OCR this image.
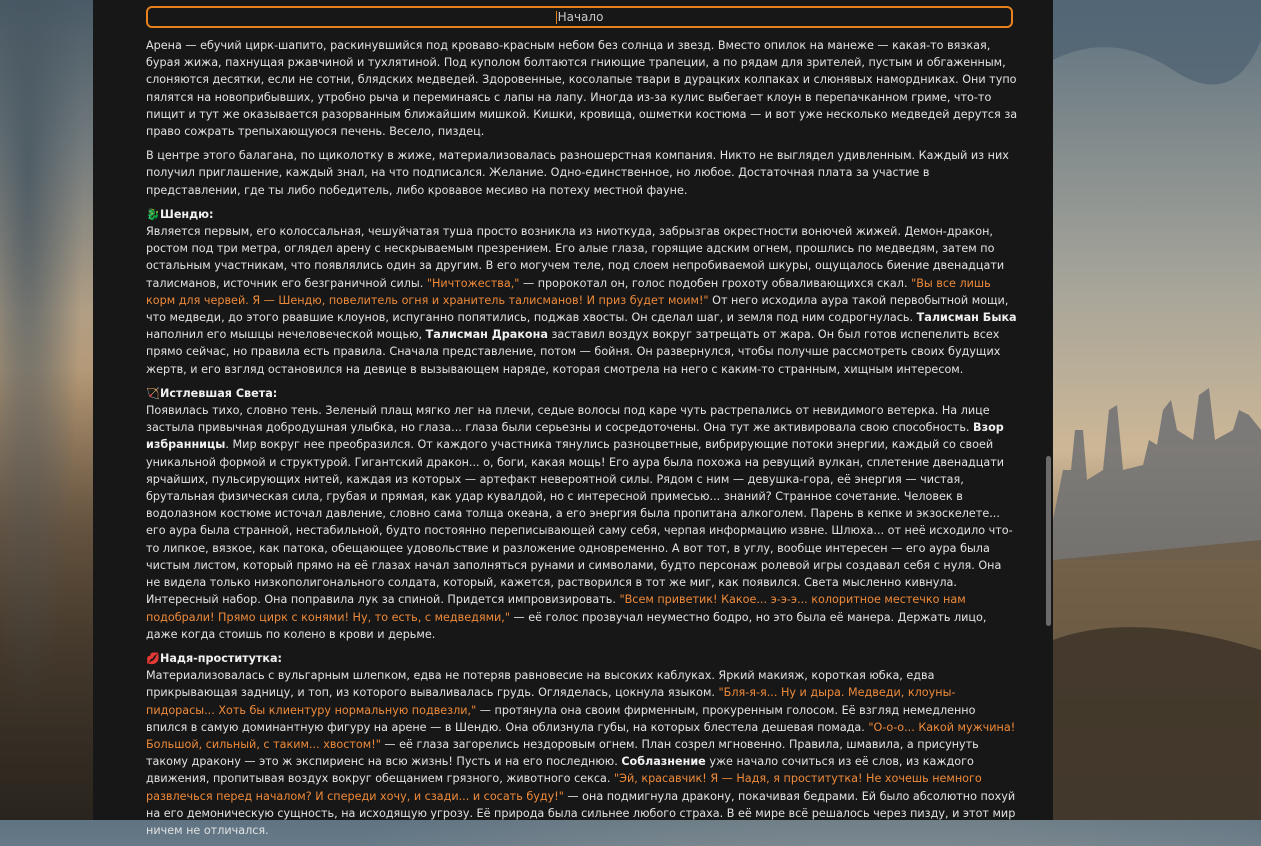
Начало

Арена — ебучий цирк-шапито, раскинувшийся под кроваво-красным небом без солнца и звезд. Вместо опилок на манеже — какая-то вязкая, бурая жижа, пахнущая ржавчиной и тухлятиной. Под куполом болтаются гниющие трапеции, а по рядам для зрителей, пустым и обгаженным, слоняются десятки, если не сотни, блядских медведей. Здоровенные, косолапые твари в дурацких колпаках и слюнявых намордниках. Они тупо пялятся на новоприбывших, утробно рыча и переминаясь с лапы на лапу. Иногда из-за кулис выбегает клоун в перепачканном гриме, что-то пищит и тут же оказывается разорванным ближайшим мишкой. Кишки, кровища, ошметки костюма — и вот уже несколько медведей дерутся за право сожрать трепыхающуюся печень. Весело, пиздец.

В центре этого балагана, по щиколотку в жиже, материализовалась разношерстная компания. Никто не выглядел удивленным. Каждый из них получил приглашение, каждый знал, на что подписался. Желание. Одно-единственное, но любое. Достаточная плата за участие в представлении, где ты либо победитель, либо кровавое месиво на потеху местной фауне.

🐉Шендю:
Является первым, его колоссальная, чешуйчатая туша просто возникла из ниоткуда, забрызгав окрестности вонючей жижей. Демон-дракон, ростом под три метра, оглядел арену с нескрываемым презрением. Его алые глаза, горящие адским огнем, прошлись по медведям, затем по остальным участникам, что появлялись один за другим. В его могучем теле, под слоем непробиваемой шкуры, ощущалось биение двенадцати талисманов, источник его безграничной силы. "Ничтожества," — пророкотал он, голос подобен грохоту обваливающихся скал. "Вы все лишь корм для червей. Я — Шендю, повелитель огня и хранитель талисманов! И приз будет моим!" От него исходила аура такой первобытной мощи, что медведи, до этого рвавшие клоунов, испуганно попятились, поджав хвосты. Он сделал шаг, и земля под ним содрогнулась. Талисман Быка наполнил его мышцы нечеловеческой мощью, Талисман Дракона заставил воздух вокруг затрещать от жара. Он был готов испепелить всех прямо сейчас, но правила есть правила. Сначала представление, потом — бойня. Он развернулся, чтобы получше рассмотреть своих будущих жертв, и его взгляд остановился на девице в вызывающем наряде, которая смотрела на него с каким-то странным, хищным интересом.

🏹Истлевшая Света:
Появилась тихо, словно тень. Зеленый плащ мягко лег на плечи, седые волосы под каре чуть растрепались от невидимого ветерка. На лице застыла привычная добродушная улыбка, но глаза... глаза были серьезны и сосредоточены. Она тут же активировала свою способность. Взор избранницы. Мир вокруг нее преобразился. От каждого участника тянулись разноцветные, вибрирующие потоки энергии, каждый со своей уникальной формой и структурой. Гигантский дракон... о, боги, какая мощь! Его аура была похожа на ревущий вулкан, сплетение двенадцати ярчайших, пульсирующих нитей, каждая из которых — артефакт невероятной силы. Рядом с ним — девушка-гора, её энергия — чистая, брутальная физическая сила, грубая и прямая, как удар кувалдой, но с интересной примесью... знаний? Странное сочетание. Человек в водолазном костюме источал давление, словно сама толща океана, а его энергия была пропитана алкоголем. Парень в кепке и экзоскелете... его аура была странной, нестабильной, будто постоянно переписывающей саму себя, черпая информацию извне. Шлюха... от неё исходило что-то липкое, вязкое, как патока, обещающее удовольствие и разложение одновременно. А вот тот, в углу, вообще интересен — его аура была чистым листом, который прямо на её глазах начал заполняться рунами и символами, будто персонаж ролевой игры создавал себя с нуля. Она не видела только низкополигонального солдата, который, кажется, растворился в тот же миг, как появился. Света мысленно кивнула. Интересный набор. Она поправила лук за спиной. Придется импровизировать. "Всем приветик! Какое... э-э-э... колоритное местечко нам подобрали! Прямо цирк с конями! Ну, то есть, с медведями," — её голос прозвучал неуместно бодро, но это была её манера. Держать лицо, даже когда стоишь по колено в крови и дерьме.

💋Надя-проститутка:
Материализовалась с вульгарным шлепком, едва не потеряв равновесие на высоких каблуках. Яркий макияж, короткая юбка, едва прикрывающая задницу, и топ, из которого вываливалась грудь. Огляделась, цокнула языком. "Бля-я-я... Ну и дыра. Медведи, клоуны-пидорасы... Хоть бы клиентуру нормальную подвезли," — протянула она своим фирменным, прокуренным голосом. Её взгляд немедленно впился в самую доминантную фигуру на арене — в Шендю. Она облизнула губы, на которых блестела дешевая помада. "О-о-о... Какой мужчина! Большой, сильный, с таким... хвостом!" — её глаза загорелись нездоровым огнем. План созрел мгновенно. Правила, шмавила, а присунуть такому дракону — это ж экспириенс на всю жизнь! Пусть и на его последнюю. Соблазнение уже начало сочиться из её слов, из каждого движения, пропитывая воздух вокруг обещанием грязного, животного секса. "Эй, красавчик! Я — Надя, я проститутка! Не хочешь немного развлечься перед началом? И спереди хочу, и сзади... и сосать буду!" — она подмигнула дракону, покачивая бедрами. Ей было абсолютно похуй на его демоническую сущность, на исходящую угрозу. Её природа была сильнее любого страха. В её мире всё решалось через пизду, и этот мир ничем не отличался.
